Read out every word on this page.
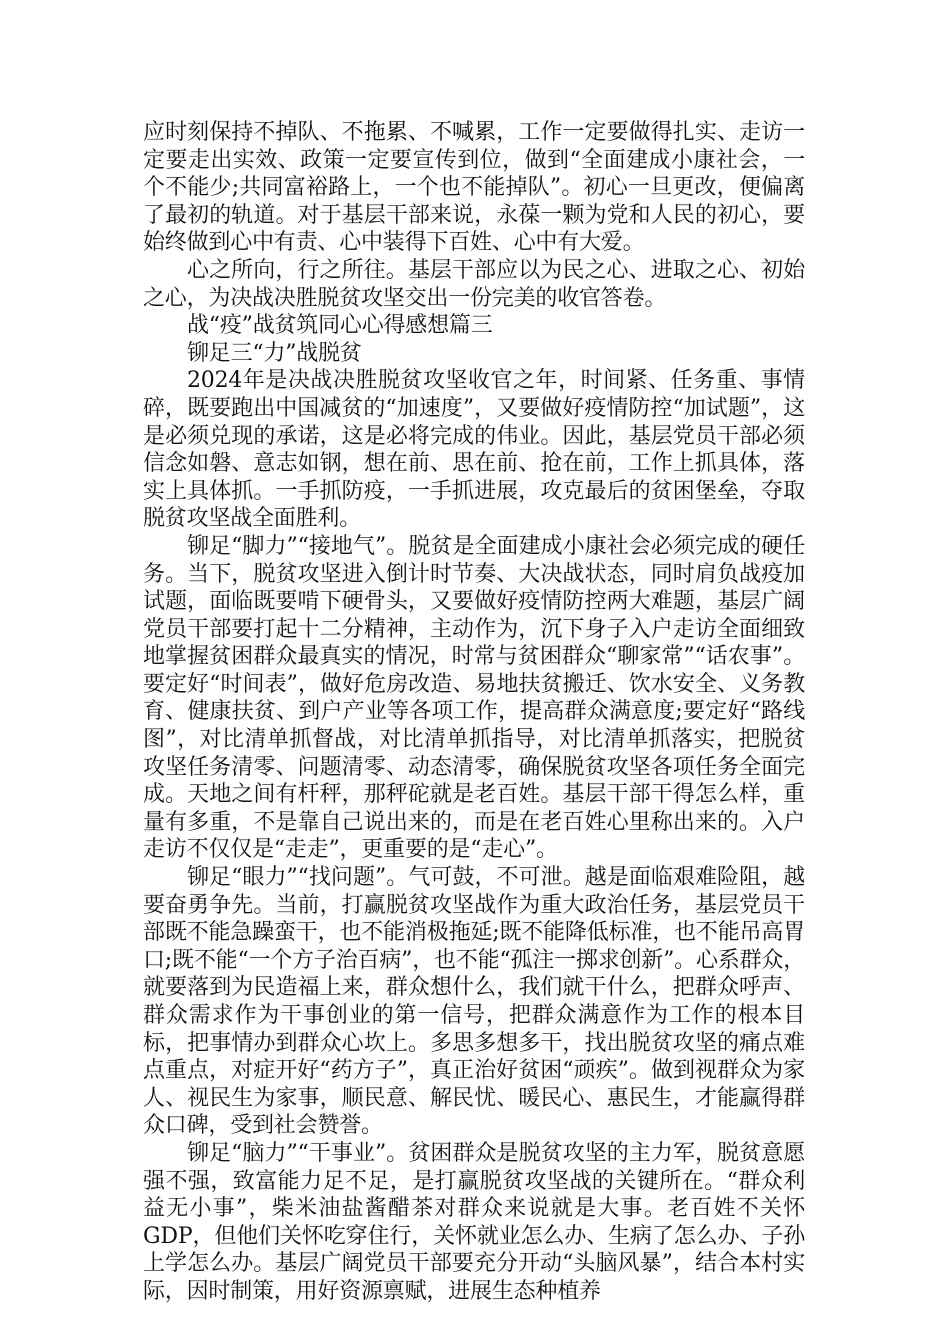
应时刻保持不掉队、不拖累、不喊累，工作一定要做得扎实、走访一定要走出实效、政策一定要宣传到位，做到“全面建成小康社会，一个不能少;共同富裕路上，一个也不能掉队”。初心一旦更改，便偏离了最初的轨道。对于基层干部来说，永葆一颗为党和人民的初心，要始终做到心中有责、心中装得下百姓、心中有大爱。

心之所向，行之所往。基层干部应以为民之心、进取之心、初始之心，为决战决胜脱贫攻坚交出一份完美的收官答卷。

战“疫”战贫筑同心心得感想篇三

铆足三“力”战脱贫

2024年是决战决胜脱贫攻坚收官之年，时间紧、任务重、事情碎，既要跑出中国减贫的“加速度”，又要做好疫情防控“加试题”，这是必须兑现的承诺，这是必将完成的伟业。因此，基层党员干部必须信念如磐、意志如钢，想在前、思在前、抢在前，工作上抓具体，落实上具体抓。一手抓防疫，一手抓进展，攻克最后的贫困堡垒，夺取脱贫攻坚战全面胜利。

铆足“脚力”“接地气”。脱贫是全面建成小康社会必须完成的硬任务。当下，脱贫攻坚进入倒计时节奏、大决战状态，同时肩负战疫加试题，面临既要啃下硬骨头，又要做好疫情防控两大难题，基层广阔党员干部要打起十二分精神，主动作为，沉下身子入户走访全面细致地掌握贫困群众最真实的情况，时常与贫困群众“聊家常”“话农事”。要定好“时间表”，做好危房改造、易地扶贫搬迁、饮水安全、义务教育、健康扶贫、到户产业等各项工作，提高群众满意度;要定好“路线图”，对比清单抓督战，对比清单抓指导，对比清单抓落实，把脱贫攻坚任务清零、问题清零、动态清零，确保脱贫攻坚各项任务全面完成。天地之间有杆秤，那秤砣就是老百姓。基层干部干得怎么样，重量有多重，不是靠自己说出来的，而是在老百姓心里称出来的。入户走访不仅仅是“走走”，更重要的是“走心”。

铆足“眼力”“找问题”。气可鼓，不可泄。越是面临艰难险阻，越要奋勇争先。当前，打赢脱贫攻坚战作为重大政治任务，基层党员干部既不能急躁蛮干，也不能消极拖延;既不能降低标准，也不能吊高胃口;既不能“一个方子治百病”，也不能“孤注一掷求创新”。心系群众，就要落到为民造福上来，群众想什么，我们就干什么，把群众呼声、群众需求作为干事创业的第一信号，把群众满意作为工作的根本目标，把事情办到群众心坎上。多思多想多干，找出脱贫攻坚的痛点难点重点，对症开好“药方子”，真正治好贫困“顽疾”。做到视群众为家人、视民生为家事，顺民意、解民忧、暖民心、惠民生，才能赢得群众口碑，受到社会赞誉。

铆足“脑力”“干事业”。贫困群众是脱贫攻坚的主力军，脱贫意愿强不强，致富能力足不足，是打赢脱贫攻坚战的关键所在。“群众利益无小事”，柴米油盐酱醋茶对群众来说就是大事。老百姓不关怀GDP，但他们关怀吃穿住行，关怀就业怎么办、生病了怎么办、子孙上学怎么办。基层广阔党员干部要充分开动“头脑风暴”，结合本村实际，因时制策，用好资源禀赋，进展生态种植养
